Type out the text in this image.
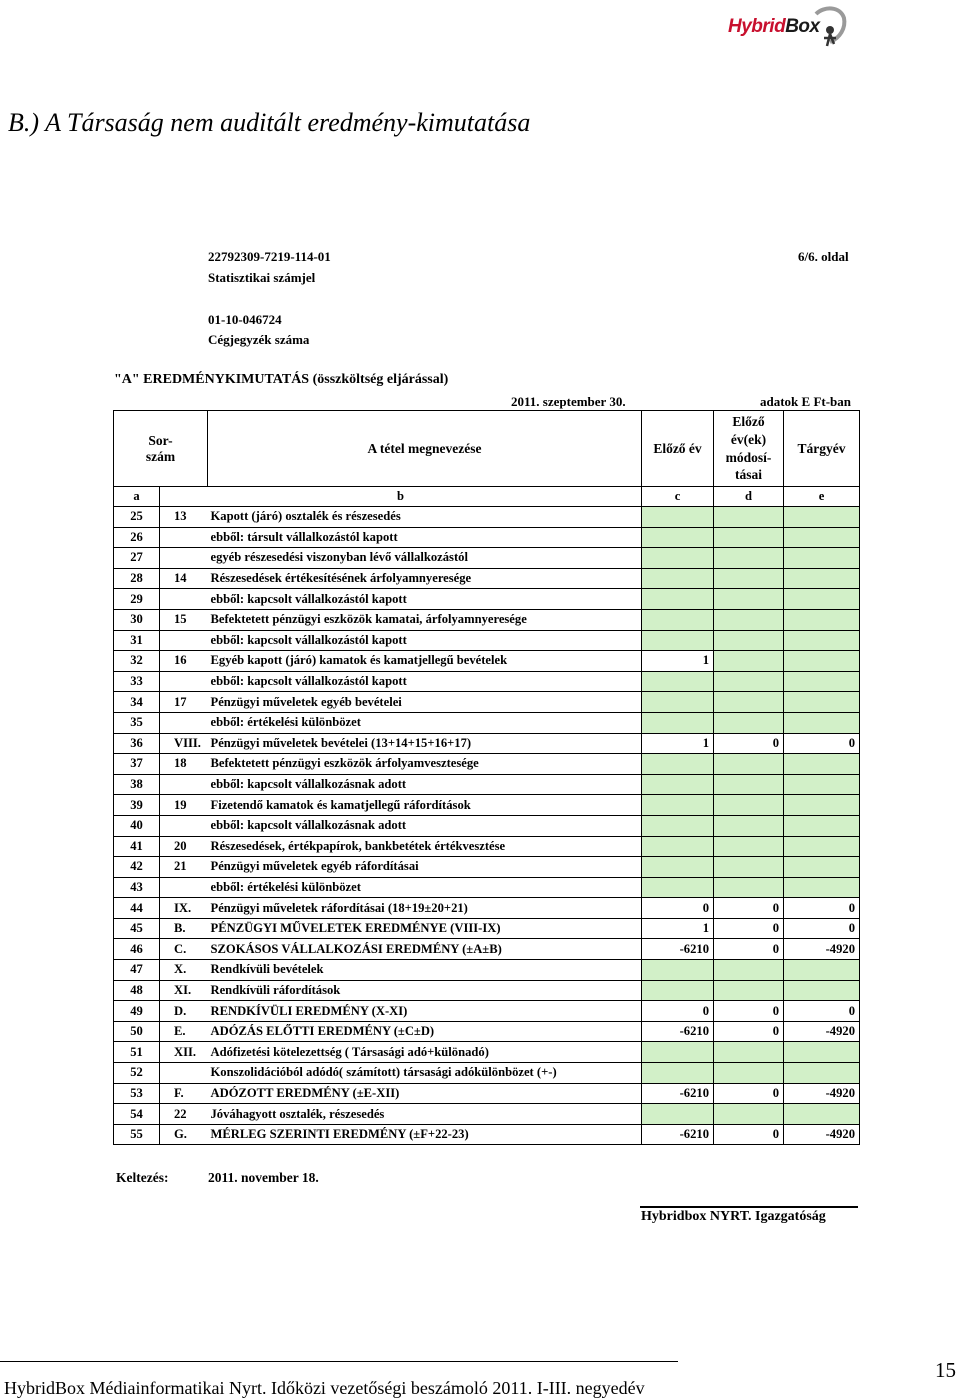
HybridBox
B.) A Társaság nem auditált eredmény-kimutatása
22792309-7219-114-01
Statisztikai számjel
01-10-046724
Cégjegyzék száma
6/6. oldal
"A" EREDMÉNYKIMUTATÁS (összköltség eljárással)
2011. szeptember 30.	adatok E Ft-ban
Sor-
szám		A tétel megnevezése	Előző év	Előző
év(ek)
módosí-
tásai	Tárgyév
a	b		c	d	e
25	13	Kapott (járó) osztalék és részesedés			
26		ebből: társult vállalkozástól kapott			
27		egyéb részesedési viszonyban lévő vállalkozástól			
28	14	Részesedések értékesítésének árfolyamnyeresége			
29		ebből: kapcsolt vállalkozástól kapott			
30	15	Befektetett pénzügyi eszközök kamatai, árfolyamnyeresége			
31		ebből: kapcsolt vállalkozástól kapott			
32	16	Egyéb kapott (járó) kamatok és kamatjellegű bevételek	1		
33		ebből: kapcsolt vállalkozástól kapott			
34	17	Pénzügyi műveletek egyéb bevételei			
35		ebből: értékelési különbözet			
36	VIII.	Pénzügyi műveletek bevételei (13+14+15+16+17)	1	0	0
37	18	Befektetett pénzügyi eszközök árfolyamvesztesége			
38		ebből: kapcsolt vállalkozásnak adott			
39	19	Fizetendő kamatok és kamatjellegű ráfordítások			
40		ebből: kapcsolt vállalkozásnak adott			
41	20	Részesedések, értékpapírok, bankbetétek értékvesztése			
42	21	Pénzügyi műveletek egyéb ráfordításai			
43		ebből: értékelési különbözet			
44	IX.	Pénzügyi műveletek ráfordításai (18+19±20+21)	0	0	0
45	B.	PÉNZÜGYI MŰVELETEK EREDMÉNYE (VIII-IX)	1	0	0
46	C.	SZOKÁSOS VÁLLALKOZÁSI EREDMÉNY (±A±B)	-6210	0	-4920
47	X.	Rendkívüli bevételek			
48	XI.	Rendkívüli ráfordítások			
49	D.	RENDKÍVÜLI EREDMÉNY (X-XI)	0	0	0
50	E.	ADÓZÁS ELŐTTI EREDMÉNY (±C±D)	-6210	0	-4920
51	XII.	Adófizetési kötelezettség ( Társasági adó+különadó)			
52		Konszolidációból adódó( számított) társasági adókülönbözet (+-)			
53	F.	ADÓZOTT EREDMÉNY (±E-XII)	-6210	0	-4920
54	22	Jóváhagyott osztalék, részesedés			
55	G.	MÉRLEG SZERINTI EREDMÉNY (±F+22-23)	-6210	0	-4920
Keltezés:	2011. november 18.
Hybridbox NYRT. Igazgatóság
HybridBox Médiainformatikai Nyrt. Időközi vezetőségi beszámoló 2011. I-III. negyedév
15
